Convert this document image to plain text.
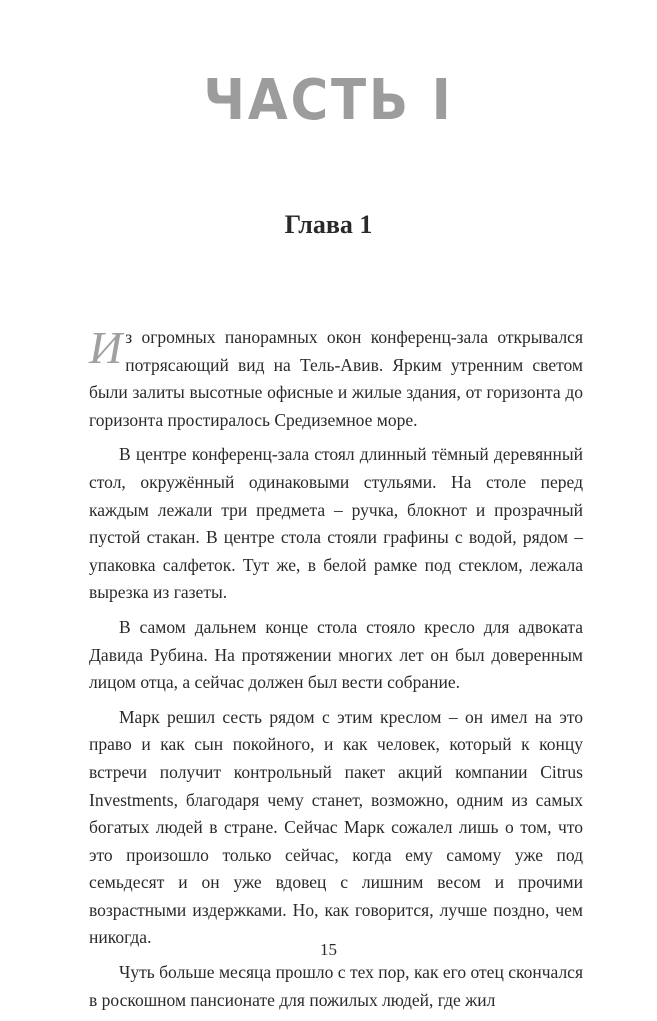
ЧАСТЬ I
Глава 1

Из огромных панорамных окон конференц-зала открывался потрясающий вид на Тель-Авив. Ярким утренним светом были залиты высотные офисные и жилые здания, от горизонта до горизонта простиралось Средиземное море.

В центре конференц-зала стоял длинный тёмный деревянный стол, окружённый одинаковыми стульями. На столе перед каждым лежали три предмета – ручка, блокнот и прозрачный пустой стакан. В центре стола стояли графины с водой, рядом – упаковка салфеток. Тут же, в белой рамке под стеклом, лежала вырезка из газеты.

В самом дальнем конце стола стояло кресло для адвоката Давида Рубина. На протяжении многих лет он был доверенным лицом отца, а сейчас должен был вести собрание.

Марк решил сесть рядом с этим креслом – он имел на это право и как сын покойного, и как человек, который к концу встречи получит контрольный пакет акций компании Citrus Investments, благодаря чему станет, возможно, одним из самых богатых людей в стране. Сейчас Марк сожалел лишь о том, что это произошло только сейчас, когда ему самому уже под семьдесят и он уже вдовец с лишним весом и прочими возрастными издержками. Но, как говорится, лучше поздно, чем никогда.

Чуть больше месяца прошло с тех пор, как его отец скончался в роскошном пансионате для пожилых людей, где жил

15
